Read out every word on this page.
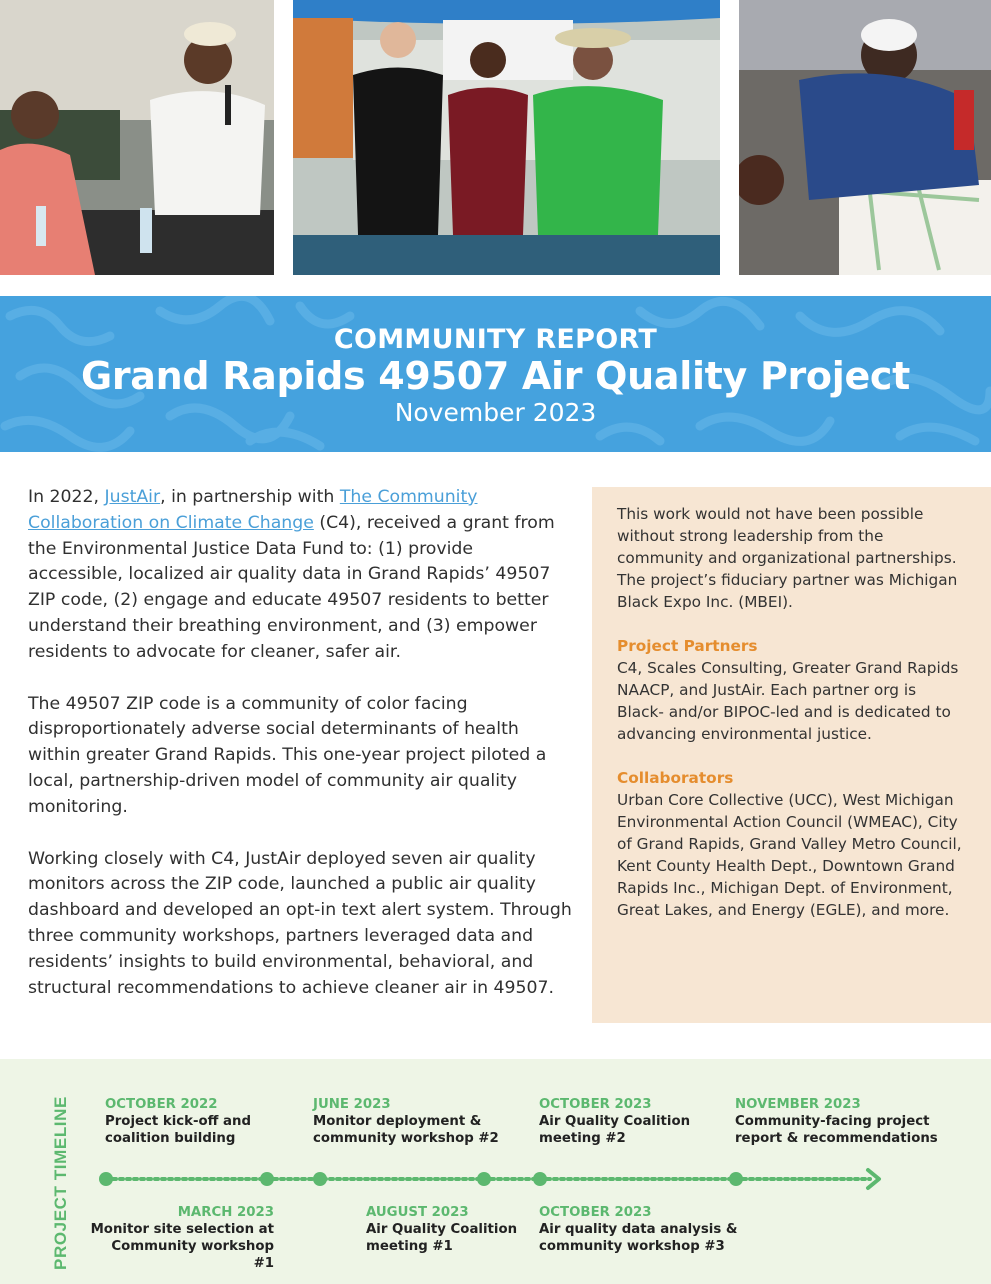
COMMUNITY REPORT
Grand Rapids 49507 Air Quality Project
November 2023

In 2022, JustAir, in partnership with The Community Collaboration on Climate Change (C4), received a grant from the Environmental Justice Data Fund to: (1) provide accessible, localized air quality data in Grand Rapids’ 49507 ZIP code, (2) engage and educate 49507 residents to better understand their breathing environment, and (3) empower residents to advocate for cleaner, safer air.

The 49507 ZIP code is a community of color facing disproportionately adverse social determinants of health within greater Grand Rapids. This one-year project piloted a local, partnership-driven model of community air quality monitoring.

Working closely with C4, JustAir deployed seven air quality monitors across the ZIP code, launched a public air quality dashboard and developed an opt-in text alert system. Through three community workshops, partners leveraged data and residents’ insights to build environmental, behavioral, and structural recommendations to achieve cleaner air in 49507.

This work would not have been possible without strong leadership from the community and organizational partnerships. The project’s fiduciary partner was Michigan Black Expo Inc. (MBEI).

Project Partners

C4, Scales Consulting, Greater Grand Rapids NAACP, and JustAir. Each partner org is Black- and/or BIPOC-led and is dedicated to advancing environmental justice.

Collaborators

Urban Core Collective (UCC), West Michigan Environmental Action Council (WMEAC), City of Grand Rapids, Grand Valley Metro Council, Kent County Health Dept., Downtown Grand Rapids Inc., Michigan Dept. of Environment, Great Lakes, and Energy (EGLE), and more.

PROJECT TIMELINE	OCTOBER 2022
Project kick-off and
coalition building
JUNE 2023
Monitor deployment &
community workshop #2
OCTOBER 2023
Air Quality Coalition
meeting #2
NOVEMBER 2023
Community-facing project
report & recommendations
MARCH 2023
Monitor site selection at
Community workshop #1
AUGUST 2023
Air Quality Coalition
meeting #1
OCTOBER 2023
Air quality data analysis &
community workshop #3
